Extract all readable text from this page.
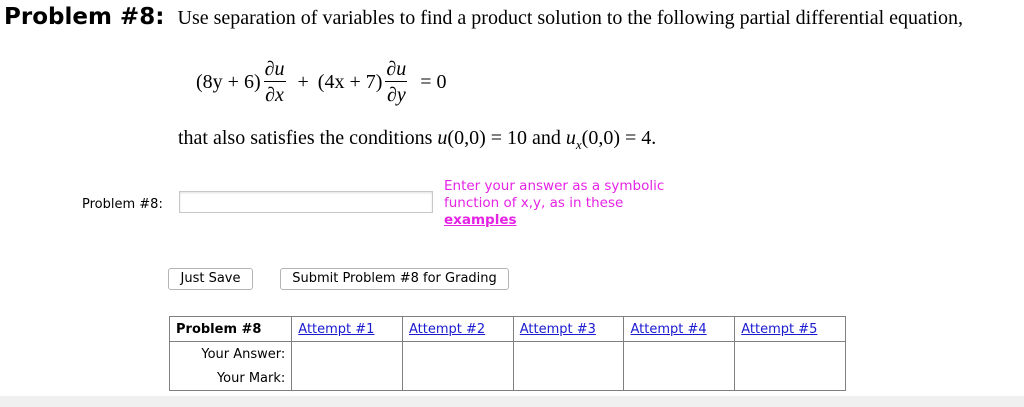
Problem #8: Use separation of variables to find a product solution to the following partial differential equation,
$(8y + 6) \frac{\partial u}{\partial x} + (4x + 7) \frac{\partial u}{\partial y} = 0$
that also satisfies the conditions u(0,0) = 10 and $u_x(0,0) = 4$.
Problem #8:
Enter your answer as a symbolic function of x,y, as in these
examples
Just Save	Submit Problem #8 for Grading
Problem #8	Attempt #1	Attempt #2	Attempt #3	Attempt #4	Attempt #5
Your Answer:					
Your Mark:					
